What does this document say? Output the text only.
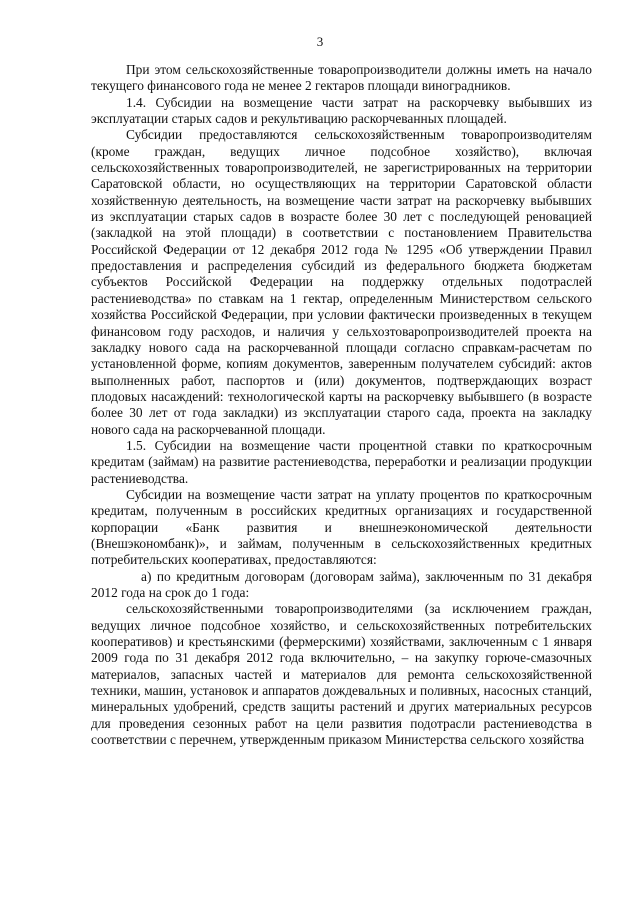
3

При этом сельскохозяйственные товаропроизводители должны иметь на начало текущего финансового года не менее 2 гектаров площади виноградников.

1.4. Субсидии на возмещение части затрат на раскорчевку выбывших из эксплуатации старых садов и рекультивацию раскорчеванных площадей.

Субсидии предоставляются сельскохозяйственным товаропроизводителям (кроме граждан, ведущих личное подсобное хозяйство), включая сельскохозяйственных товаропроизводителей, не зарегистрированных на территории Саратовской области, но осуществляющих на территории Саратовской области хозяйственную деятельность, на возмещение части затрат на раскорчевку выбывших из эксплуатации старых садов в возрасте более 30 лет с последующей реновацией (закладкой на этой площади) в соответствии с постановлением Правительства Российской Федерации от 12 декабря 2012 года № 1295 «Об утверждении Правил предоставления и распределения субсидий из федерального бюджета бюджетам субъектов Российской Федерации на поддержку отдельных подотраслей растениеводства» по ставкам на 1 гектар, определенным Министерством сельского хозяйства Российской Федерации, при условии фактически произведенных в текущем финансовом году расходов, и наличия у сельхозтоваропроизводителей проекта на закладку нового сада на раскорчеванной площади согласно справкам-расчетам по установленной форме, копиям документов, заверенным получателем субсидий: актов выполненных работ, паспортов и (или) документов, подтверждающих возраст плодовых насаждений: технологической карты на раскорчевку выбывшего (в возрасте более 30 лет от года закладки) из эксплуатации старого сада, проекта на закладку нового сада на раскорчеванной площади.

1.5. Субсидии на возмещение части процентной ставки по краткосрочным кредитам (займам) на развитие растениеводства, переработки и реализации продукции растениеводства.

Субсидии на возмещение части затрат на уплату процентов по краткосрочным кредитам, полученным в российских кредитных организациях и государственной корпорации «Банк развития и внешнеэкономической деятельности (Внешэкономбанк)», и займам, полученным в сельскохозяйственных кредитных потребительских кооперативах, предоставляются:

а) по кредитным договорам (договорам займа), заключенным по 31 декабря 2012 года на срок до 1 года:

сельскохозяйственными товаропроизводителями (за исключением граждан, ведущих личное подсобное хозяйство, и сельскохозяйственных потребительских кооперативов) и крестьянскими (фермерскими) хозяйствами, заключенным с 1 января 2009 года по 31 декабря 2012 года включительно, – на закупку горюче-смазочных материалов, запасных частей и материалов для ремонта сельскохозяйственной техники, машин, установок и аппаратов дождевальных и поливных, насосных станций, минеральных удобрений, средств защиты растений и других материальных ресурсов для проведения сезонных работ на цели развития подотрасли растениеводства в соответствии с перечнем, утвержденным приказом Министерства сельского хозяйства
